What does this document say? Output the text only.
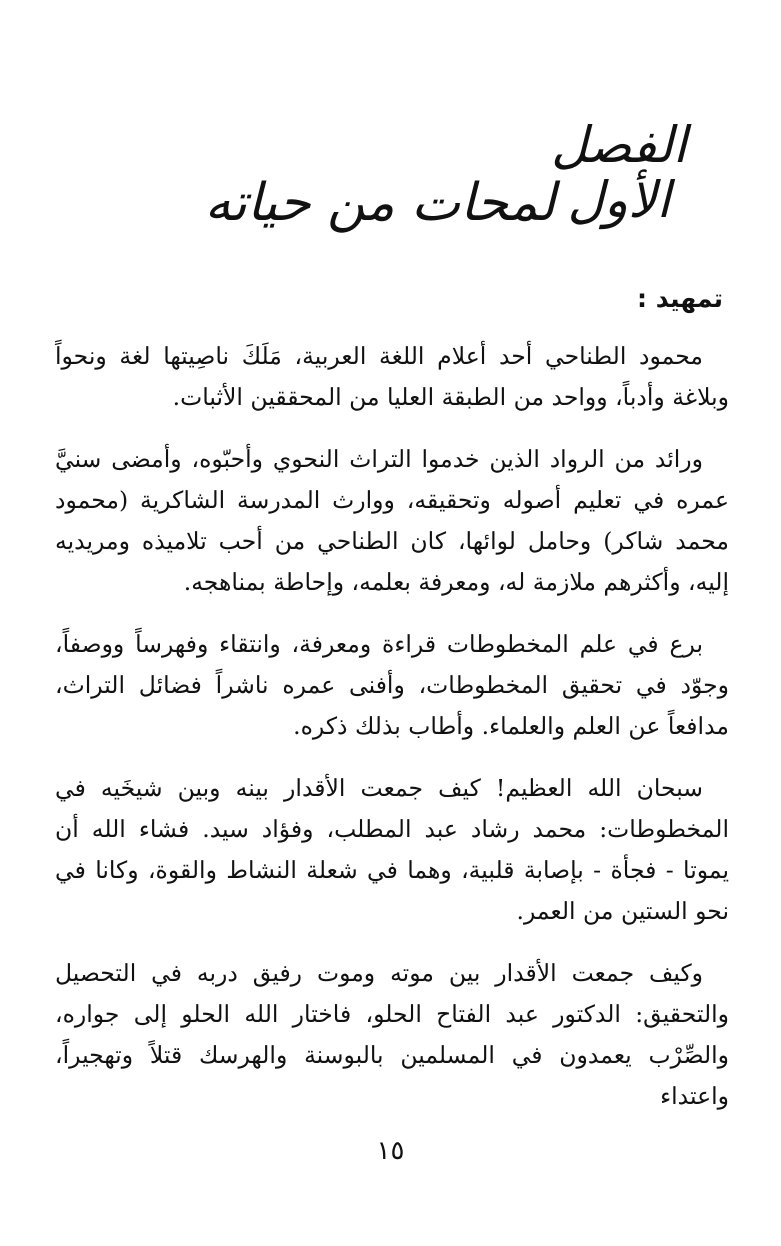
الفصل الأول
لمحات من حياته
تمهيد :

محمود الطناحي أحد أعلام اللغة العربية، مَلَكَ ناصِيتها لغة ونحواً وبلاغة وأدباً، وواحد من الطبقة العليا من المحققين الأثبات.

ورائد من الرواد الذين خدموا التراث النحوي وأحبّوه، وأمضى سنيَّ عمره في تعليم أصوله وتحقيقه، ووارث المدرسة الشاكرية (محمود محمد شاكر) وحامل لوائها، كان الطناحي من أحب تلاميذه ومريديه إليه، وأكثرهم ملازمة له، ومعرفة بعلمه، وإحاطة بمناهجه.

برع في علم المخطوطات قراءة ومعرفة، وانتقاء وفهرساً ووصفاً، وجوّد في تحقيق المخطوطات، وأفنى عمره ناشراً فضائل التراث، مدافعاً عن العلم والعلماء. وأطاب بذلك ذكره.

سبحان الله العظيم! كيف جمعت الأقدار بينه وبين شيخَيه في المخطوطات: محمد رشاد عبد المطلب، وفؤاد سيد. فشاء الله أن يموتا - فجأة - بإصابة قلبية، وهما في شعلة النشاط والقوة، وكانا في نحو الستين من العمر.

وكيف جمعت الأقدار بين موته وموت رفيق دربه في التحصيل والتحقيق: الدكتور عبد الفتاح الحلو، فاختار الله الحلو إلى جواره، والصِّرْب يعمدون في المسلمين بالبوسنة والهرسك قتلاً وتهجيراً، واعتداء

١٥
